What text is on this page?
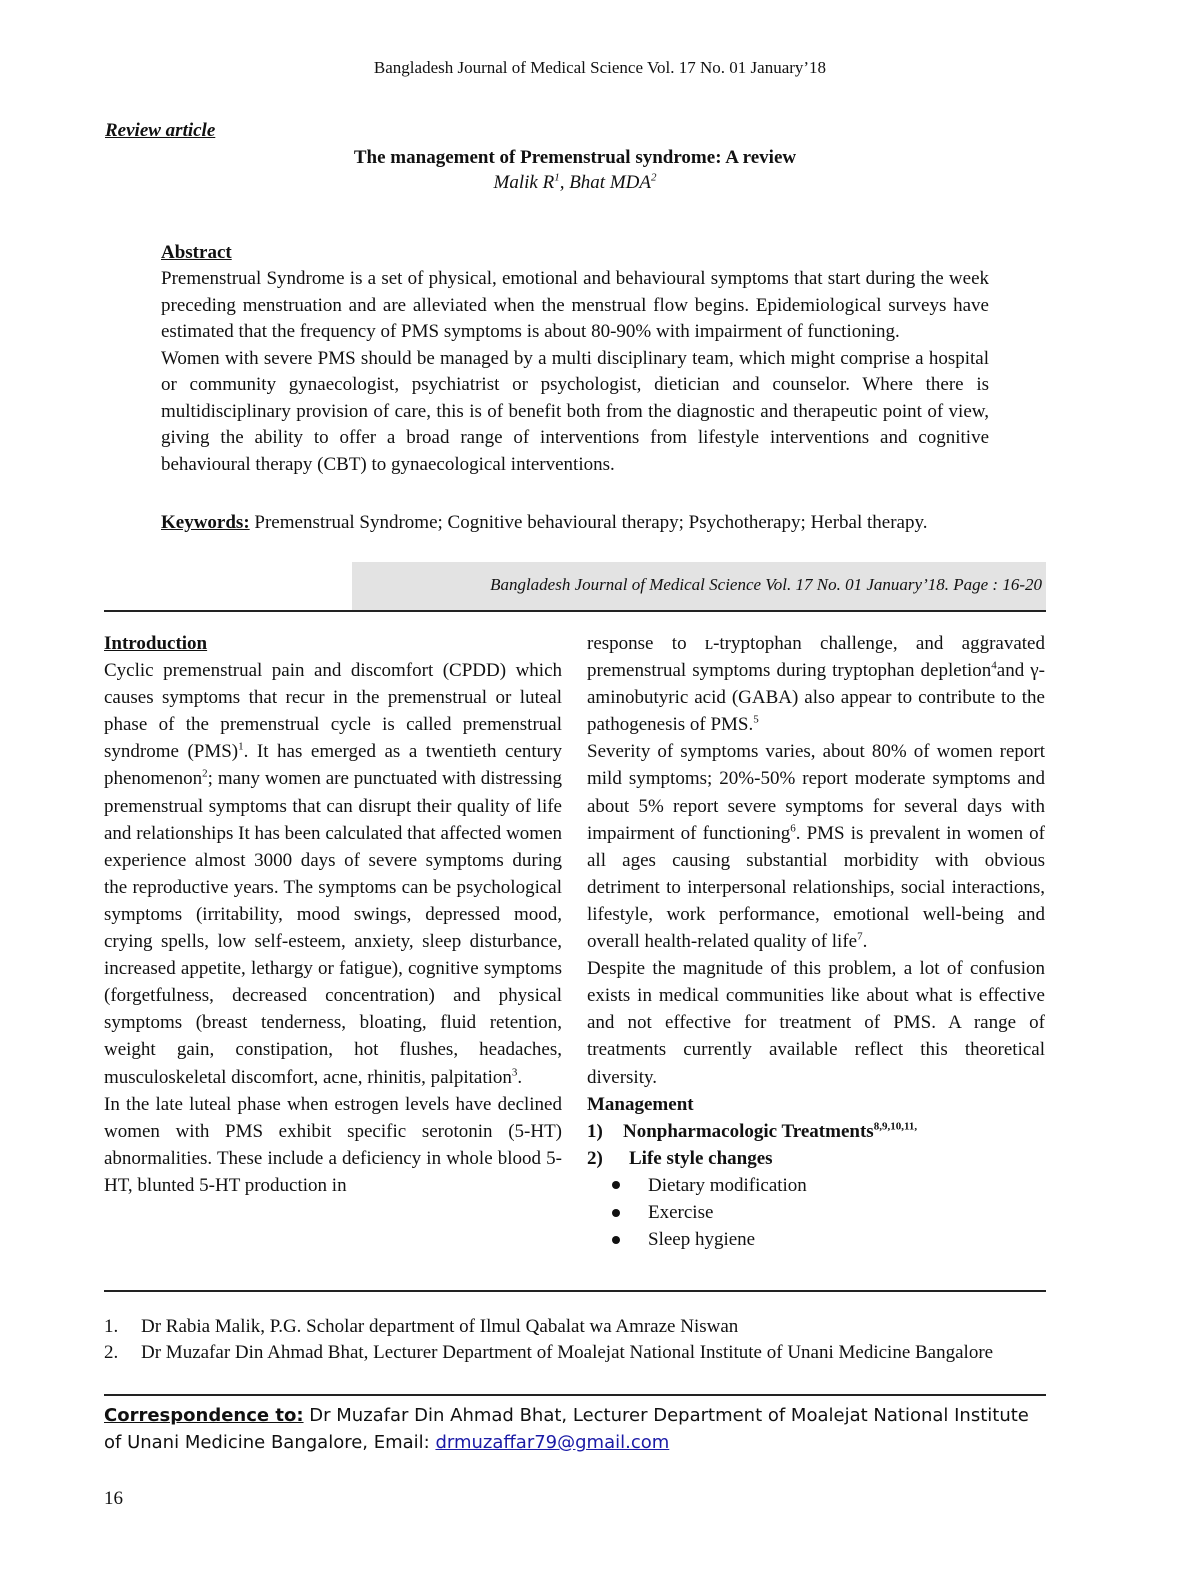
Bangladesh Journal of Medical Science Vol. 17 No. 01 January’18
Review article
The management of Premenstrual syndrome: A review
Malik $R^1$, Bhat MDA$^2$
Abstract

Premenstrual Syndrome is a set of physical, emotional and behavioural symptoms that start during the week preceding menstruation and are alleviated when the menstrual flow begins. Epidemiological surveys have estimated that the frequency of PMS symptoms is about 80-90% with impairment of functioning.

Women with severe PMS should be managed by a multi disciplinary team, which might comprise a hospital or community gynaecologist, psychiatrist or psychologist, dietician and counselor. Where there is multidisciplinary provision of care, this is of benefit both from the diagnostic and therapeutic point of view, giving the ability to offer a broad range of interventions from lifestyle interventions and cognitive behavioural therapy (CBT) to gynaecological interventions.

Keywords: Premenstrual Syndrome; Cognitive behavioural therapy; Psychotherapy; Herbal therapy.
Bangladesh Journal of Medical Science Vol. 17 No. 01 January’18. Page : 16-20
Introduction

Cyclic premenstrual pain and discomfort (CPDD) which causes symptoms that recur in the premenstrual or luteal phase of the premenstrual cycle is called premenstrual syndrome (PMS)$^1$. It has emerged as a twentieth century phenomenon$^2$; many women are punctuated with distressing premenstrual symptoms that can disrupt their quality of life and relationships It has been calculated that affected women experience almost 3000 days of severe symptoms during the reproductive years. The symptoms can be psychological symptoms (irritability, mood swings, depressed mood, crying spells, low self-esteem, anxiety, sleep disturbance, increased appetite, lethargy or fatigue), cognitive symptoms (forgetfulness, decreased concentration) and physical symptoms (breast tenderness, bloating, fluid retention, weight gain, constipation, hot flushes, headaches, musculoskeletal discomfort, acne, rhinitis, palpitation$^3$.

In the late luteal phase when estrogen levels have declined women with PMS exhibit specific serotonin (5-HT) abnormalities. These include a deficiency in whole blood 5-HT, blunted 5-HT production in

response to ʟ-tryptophan challenge, and aggravated premenstrual symptoms during tryptophan depletion$^4$and γ-aminobutyric acid (GABA) also appear to contribute to the pathogenesis of PMS.$^5$

Severity of symptoms varies, about 80% of women report mild symptoms; 20%-50% report moderate symptoms and about 5% report severe symptoms for several days with impairment of functioning$^6$. PMS is prevalent in women of all ages causing substantial morbidity with obvious detriment to interpersonal relationships, social interactions, lifestyle, work performance, emotional well-being and overall health-related quality of life$^7$.

Despite the magnitude of this problem, a lot of confusion exists in medical communities like about what is effective and not effective for treatment of PMS. A range of treatments currently available reflect this theoretical diversity.

Management
1)	Nonpharmacologic Treatments$^{8,9,10,11,}$
2)	Life style changes
Dietary modification
Exercise
Sleep hygiene
1.	Dr Rabia Malik, P.G. Scholar department of Ilmul Qabalat wa Amraze Niswan
2.	Dr Muzafar Din Ahmad Bhat, Lecturer Department of Moalejat National Institute of Unani Medicine Bangalore
Correspondence to: Dr Muzafar Din Ahmad Bhat, Lecturer Department of Moalejat National Institute of Unani Medicine Bangalore, Email: drmuzaffar79@gmail.com
16
